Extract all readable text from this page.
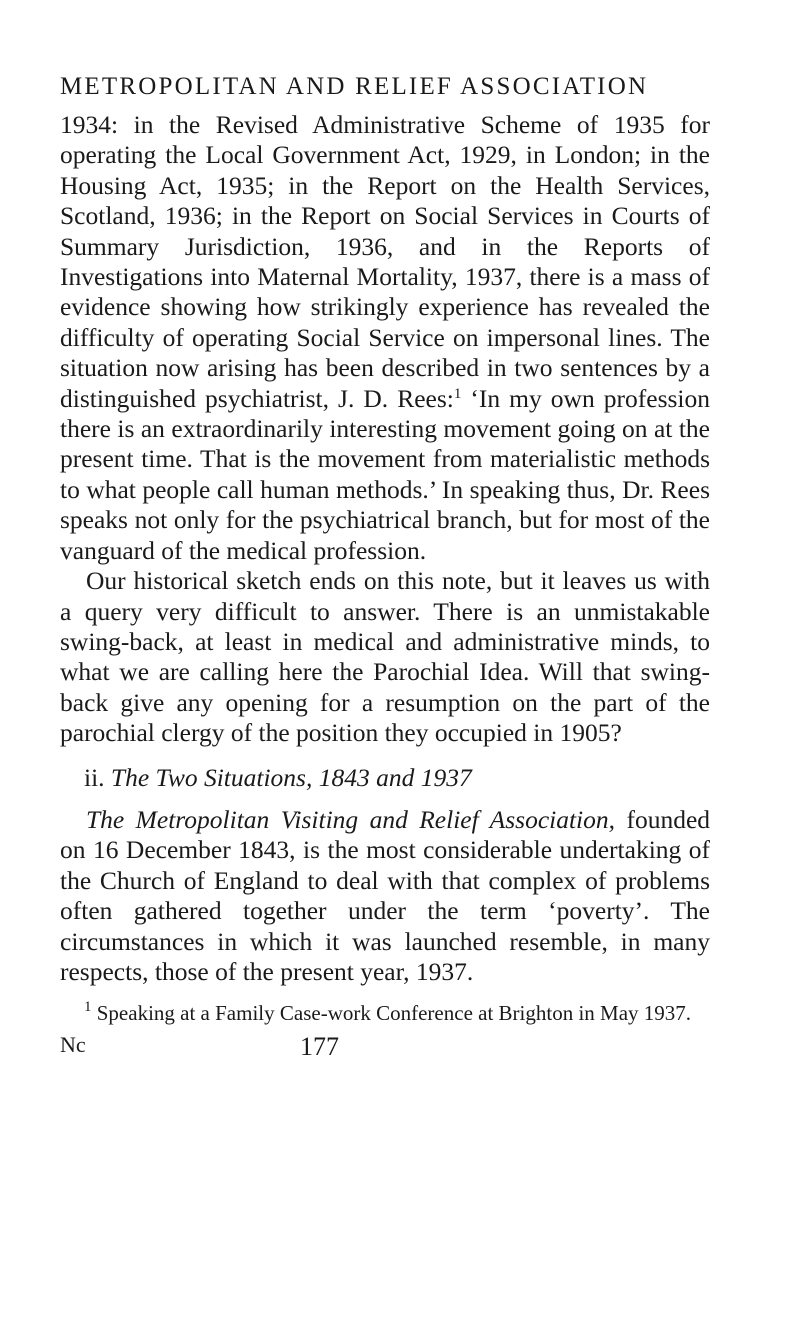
METROPOLITAN AND RELIEF ASSOCIATION

1934: in the Revised Administrative Scheme of 1935 for operating the Local Government Act, 1929, in London; in the Housing Act, 1935; in the Report on the Health Services, Scotland, 1936; in the Report on Social Services in Courts of Summary Jurisdiction, 1936, and in the Reports of Investigations into Maternal Mortality, 1937, there is a mass of evidence showing how strikingly experience has revealed the difficulty of operating Social Service on impersonal lines. The situation now arising has been described in two sentences by a distinguished psychiatrist, J. D. Rees:$^1$ ‘In my own profession there is an extraordinarily interesting movement going on at the present time. That is the movement from materialistic methods to what people call human methods.’ In speaking thus, Dr. Rees speaks not only for the psychiatrical branch, but for most of the vanguard of the medical profession.

Our historical sketch ends on this note, but it leaves us with a query very difficult to answer. There is an unmistakable swing-back, at least in medical and administrative minds, to what we are calling here the Parochial Idea. Will that swing-back give any opening for a resumption on the part of the parochial clergy of the position they occupied in 1905?

ii. The Two Situations, 1843 and 1937

The Metropolitan Visiting and Relief Association, founded on 16 December 1843, is the most considerable undertaking of the Church of England to deal with that complex of problems often gathered together under the term ‘poverty’. The circumstances in which it was launched resemble, in many respects, those of the present year, 1937.

$^1$ Speaking at a Family Case-work Conference at Brighton in May 1937.

Nc	177
